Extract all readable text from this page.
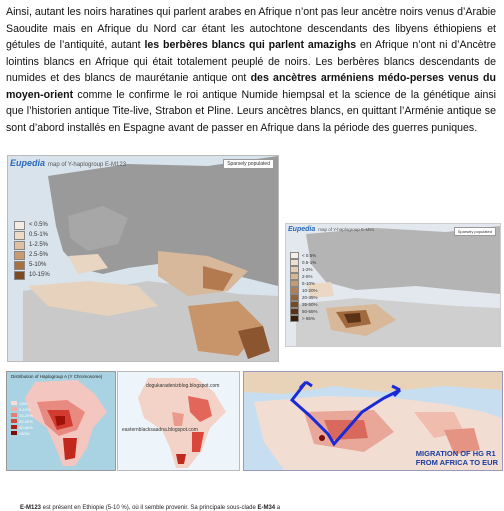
Ainsi, autant les noirs haratines qui parlent arabes en Afrique n’ont pas leur ancètre noirs venus d’Arabie Saoudite mais en Afrique du Nord car étant les autochtone descendants des libyens éthiopiens et gétules de l’antiquité, autant les berbères blancs qui parlent amazighs en Afrique n’ont ni d’Ancètre lointins blancs en Afrique qui était totalement peuplé de noirs. Les berbères blancs descendants de numides et des blancs de maurétanie antique ont des ancètres arméniens médo-perses venus du moyen-orient comme le confirme le roi antique Numide hiempsal et la science de la génétique ainsi que l’historien antique Tite-live, Strabon et Pline. Leurs ancètres blancs, en quittant l’Arménie antique se sont d’abord installés en Espagne avant de passer en Afrique dans la période des guerres puniques.

Eupedia map of Y-haplogroup E-M123	Sparsely populated
< 0.5%
0.5-1%
1-2.5%
2.5-5%
5-10%
10-15%
E-M123 est présent en Ethiopie (5-10 %), où il semble provenir. Sa principale sous-clade E-M34 a
Eupedia map of Y-haplogroup E-M81	Sparsely populated
< 0.5%
0.5-1%
1-2%
2-5%
5-10%
10-20%
20-35%
35-50%
50-65%
> 65%
Distribution of Haplogroup A (Y Chromosome)
<5%
5-10%
10-20%
20-40%
40-60%
>60%
dogukaradenizblog.blogspot.com
easternblacksaadna.blogspot.com
MIGRATION OF HG R1
FROM AFRICA TO EUR
